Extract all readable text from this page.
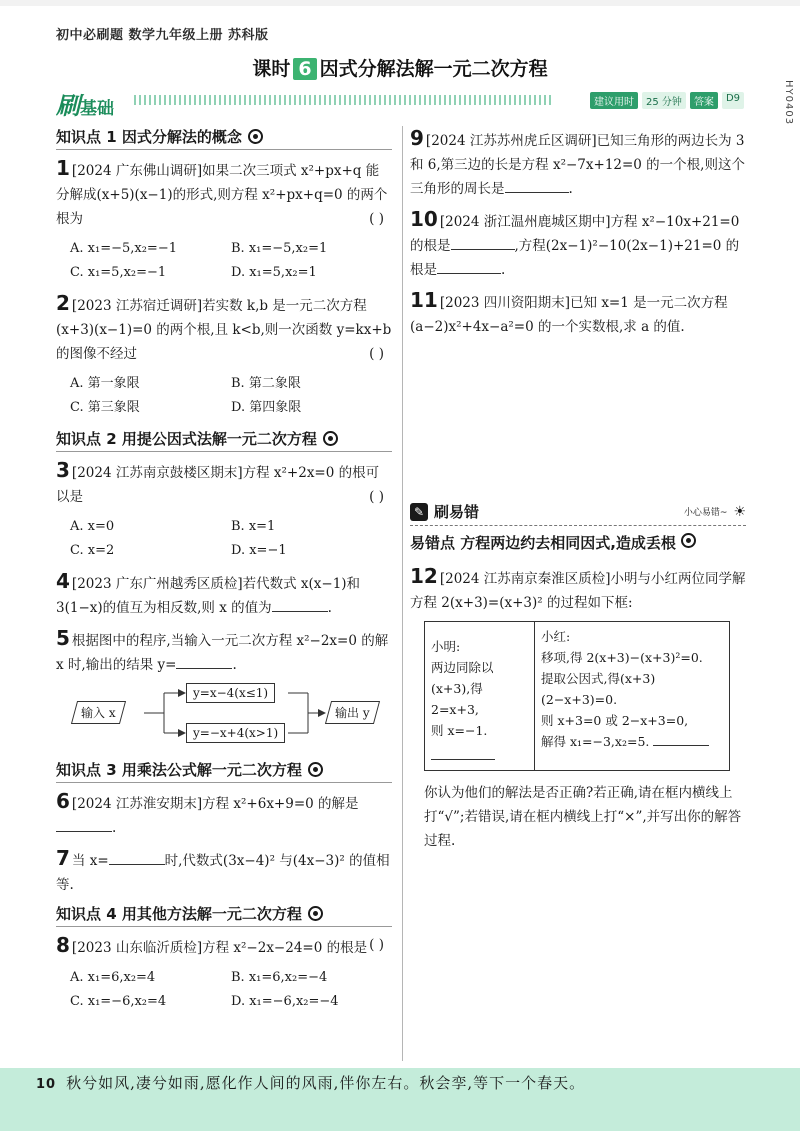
初中必刷题 数学九年级上册 苏科版
课时 6 因式分解法解一元二次方程
HY0403
刷基础	建议用时	25 分钟	答案	D9
知识点 1 因式分解法的概念
1 [2024 广东佛山调研]如果二次三项式 x²+px+q 能分解成(x+5)(x−1)的形式,则方程 x²+px+q=0 的两个根为	( )
A. x₁=−5,x₂=−1	B. x₁=−5,x₂=1
C. x₁=5,x₂=−1	D. x₁=5,x₂=1
2 [2023 江苏宿迁调研]若实数 k,b 是一元二次方程(x+3)(x−1)=0 的两个根,且 k<b,则一次函数 y=kx+b 的图像不经过	( )
A. 第一象限	B. 第二象限
C. 第三象限	D. 第四象限
知识点 2 用提公因式法解一元二次方程
3 [2024 江苏南京鼓楼区期末]方程 x²+2x=0 的根可以是	( )
A. x=0	B. x=1
C. x=2	D. x=−1
4 [2023 广东广州越秀区质检]若代数式 x(x−1)和 3(1−x)的值互为相反数,则 x 的值为	.
5 根据图中的程序,当输入一元二次方程 x²−2x=0 的解 x 时,输出的结果 y=	.
输入 x
y=x−4(x≤1)
y=−x+4(x>1)
输出 y
知识点 3 用乘法公式解一元二次方程
6 [2024 江苏淮安期末]方程 x²+6x+9=0 的解是.
7 当 x=	时,代数式(3x−4)² 与(4x−3)² 的值相等.
知识点 4 用其他方法解一元二次方程
8 [2023 山东临沂质检]方程 x²−2x−24=0 的根是 ( )
A. x₁=6,x₂=4	B. x₁=6,x₂=−4
C. x₁=−6,x₂=4	D. x₁=−6,x₂=−4
9 [2024 江苏苏州虎丘区调研]已知三角形的两边长为 3 和 6,第三边的长是方程 x²−7x+12=0 的一个根,则这个三角形的周长是	.
10 [2024 浙江温州鹿城区期中]方程 x²−10x+21=0 的根是	,方程(2x−1)²−10(2x−1)+21=0 的根是	.
11 [2023 四川资阳期末]已知 x=1 是一元二次方程(a−2)x²+4x−a²=0 的一个实数根,求 a 的值.
✎ 刷易错	小心易错~ ☀
易错点 方程两边约去相同因式,造成丢根
12 [2024 江苏南京秦淮区质检]小明与小红两位同学解方程 2(x+3)=(x+3)² 的过程如下框:
小明:
两边同除以(x+3),得 2=x+3,
则 x=−1.

小红:
移项,得 2(x+3)−(x+3)²=0.
提取公因式,得(x+3)(2−x+3)=0.
则 x+3=0 或 2−x+3=0,
解得 x₁=−3,x₂=5.
你认为他们的解法是否正确?若正确,请在框内横线上打“√”;若错误,请在框内横线上打“×”,并写出你的解答过程.
10 秋兮如风,凄兮如雨,愿化作人间的风雨,伴你左右。秋会孪,等下一个春天。
